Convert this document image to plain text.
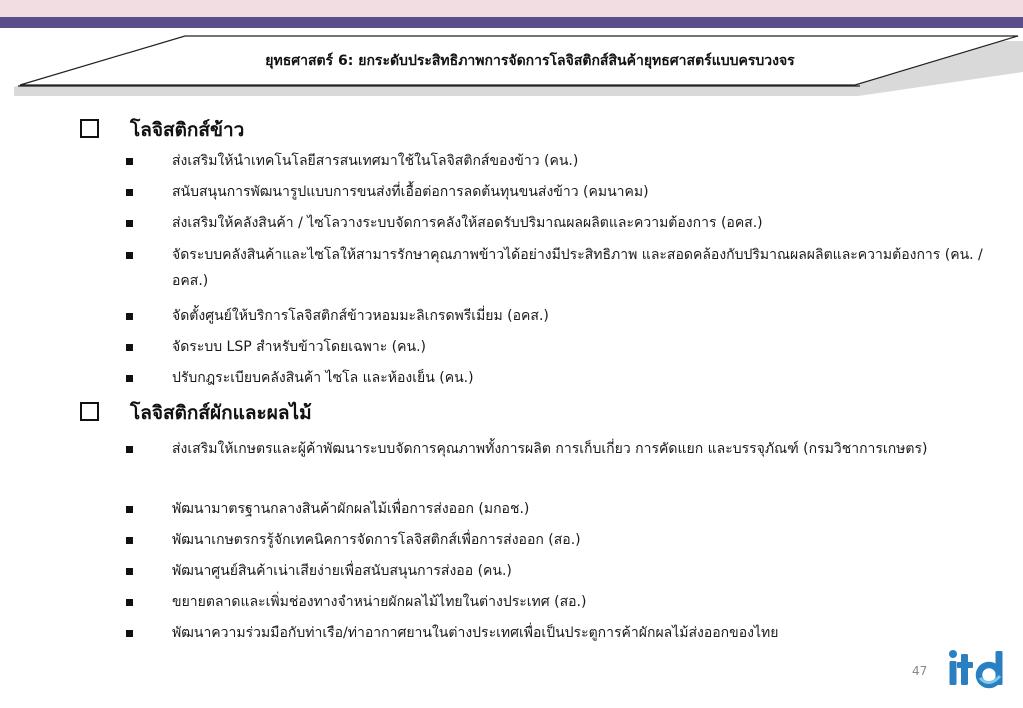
ยุทธศาสตร์ 6: ยกระดับประสิทธิภาพการจัดการโลจิสติกส์สินค้ายุทธศาสตร์แบบครบวงจร
โลจิสติกส์ข้าว
ส่งเสริมให้นำเทคโนโลยีสารสนเทศมาใช้ในโลจิสติกส์ของข้าว (คน.)
สนับสนุนการพัฒนารูปแบบการขนส่งที่เอื้อต่อการลดต้นทุนขนส่งข้าว (คมนาคม)
ส่งเสริมให้คลังสินค้า / ไซโลวางระบบจัดการคลังให้สอดรับปริมาณผลผลิตและความต้องการ (อคส.)
จัดระบบคลังสินค้าและไซโลให้สามารรักษาคุณภาพข้าวได้อย่างมีประสิทธิภาพ และสอดคล้องกับปริมาณผลผลิตและความต้องการ (คน. / อคส.)
จัดตั้งศูนย์ให้บริการโลจิสติกส์ข้าวหอมมะลิเกรดพรีเมี่ยม (อคส.)
จัดระบบ LSP สำหรับข้าวโดยเฉพาะ (คน.)
ปรับกฎระเบียบคลังสินค้า ไซโล และห้องเย็น (คน.)
โลจิสติกส์ผักและผลไม้
ส่งเสริมให้เกษตรและผู้ค้าพัฒนาระบบจัดการคุณภาพทั้งการผลิต การเก็บเกี่ยว การคัดแยก และบรรจุภัณฑ์ (กรมวิชาการเกษตร)
พัฒนามาตรฐานกลางสินค้าผักผลไม้เพื่อการส่งออก (มกอช.)
พัฒนาเกษตรกรรู้จักเทคนิคการจัดการโลจิสติกส์เพื่อการส่งออก (สอ.)
พัฒนาศูนย์สินค้าเน่าเสียง่ายเพื่อสนับสนุนการส่งออ (คน.)
ขยายตลาดและเพิ่มช่องทางจำหน่ายผักผลไม้ไทยในต่างประเทศ (สอ.)
พัฒนาความร่วมมือกับท่าเรือ/ท่าอากาศยานในต่างประเทศเพื่อเป็นประตูการค้าผักผลไม้ส่งออกของไทย
47
